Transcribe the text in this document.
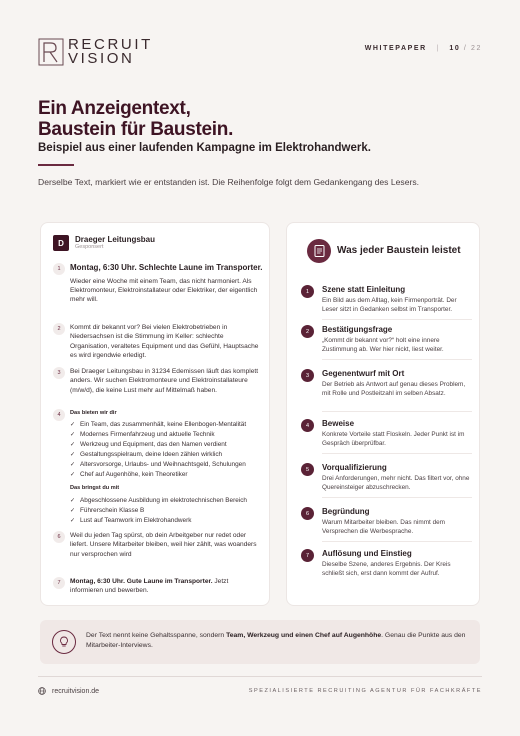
RECRUIT
VISION
WHITEPAPER | 10 / 22
Ein Anzeigentext,
Baustein für Baustein.
Beispiel aus einer laufenden Kampagne im Elektrohandwerk.
Derselbe Text, markiert wie er entstanden ist. Die Reihenfolge folgt dem Gedankengang des Lesers.
D	Draeger Leitungsbau
Gesponsert
1	Montag, 6:30 Uhr. Schlechte Laune im Transporter.
Wieder eine Woche mit einem Team, das nicht harmoniert. Als Elektromonteur, Elektroinstallateur oder Elektriker, der eigentlich mehr will.
2	Kommt dir bekannt vor? Bei vielen Elektrobetrieben in Niedersachsen ist die Stimmung im Keller: schlechte Organisation, veraltetes Equipment und das Gefühl, Hauptsache es wird irgendwie erledigt.
3	Bei Draeger Leitungsbau in 31234 Edemissen läuft das komplett anders. Wir suchen Elektromonteure und Elektroinstallateure (m/w/d), die keine Lust mehr auf Mittelmaß haben.
4	Das bieten wir dir
✓ Ein Team, das zusammenhält, keine Ellenbogen-Mentalität
✓ Modernes Firmenfahrzeug und aktuelle Technik
✓ Werkzeug und Equipment, das den Namen verdient
✓ Gestaltungsspielraum, deine Ideen zählen wirklich
✓ Altersvorsorge, Urlaubs- und Weihnachtsgeld, Schulungen
✓ Chef auf Augenhöhe, kein Theoretiker
Das bringst du mit
✓ Abgeschlossene Ausbildung im elektrotechnischen Bereich
✓ Führerschein Klasse B
✓ Lust auf Teamwork im Elektrohandwerk
6	Weil du jeden Tag spürst, ob dein Arbeitgeber nur redet oder liefert. Unsere Mitarbeiter bleiben, weil hier zählt, was woanders nur versprochen wird
7	Montag, 6:30 Uhr. Gute Laune im Transporter. Jetzt informieren und bewerben.
Was jeder Baustein leistet
1	Szene statt Einleitung
Ein Bild aus dem Alltag, kein Firmenporträt. Der Leser sitzt in Gedanken selbst im Transporter.
2	Bestätigungsfrage
„Kommt dir bekannt vor?“ holt eine innere Zustimmung ab. Wer hier nickt, liest weiter.
3	Gegenentwurf mit Ort
Der Betrieb als Antwort auf genau dieses Problem, mit Rolle und Postleitzahl im selben Absatz.
4	Beweise
Konkrete Vorteile statt Floskeln. Jeder Punkt ist im Gespräch überprüfbar.
5	Vorqualifizierung
Drei Anforderungen, mehr nicht. Das filtert vor, ohne Quereinsteiger abzuschrecken.
6	Begründung
Warum Mitarbeiter bleiben. Das nimmt dem Versprechen die Werbesprache.
7	Auflösung und Einstieg
Dieselbe Szene, anderes Ergebnis. Der Kreis schließt sich, erst dann kommt der Aufruf.
Der Text nennt keine Gehaltsspanne, sondern Team, Werkzeug und einen Chef auf Augenhöhe. Genau die Punkte aus den Mitarbeiter-Interviews.
recruitvision.de	SPEZIALISIERTE RECRUITING AGENTUR FÜR FACHKRÄFTE
